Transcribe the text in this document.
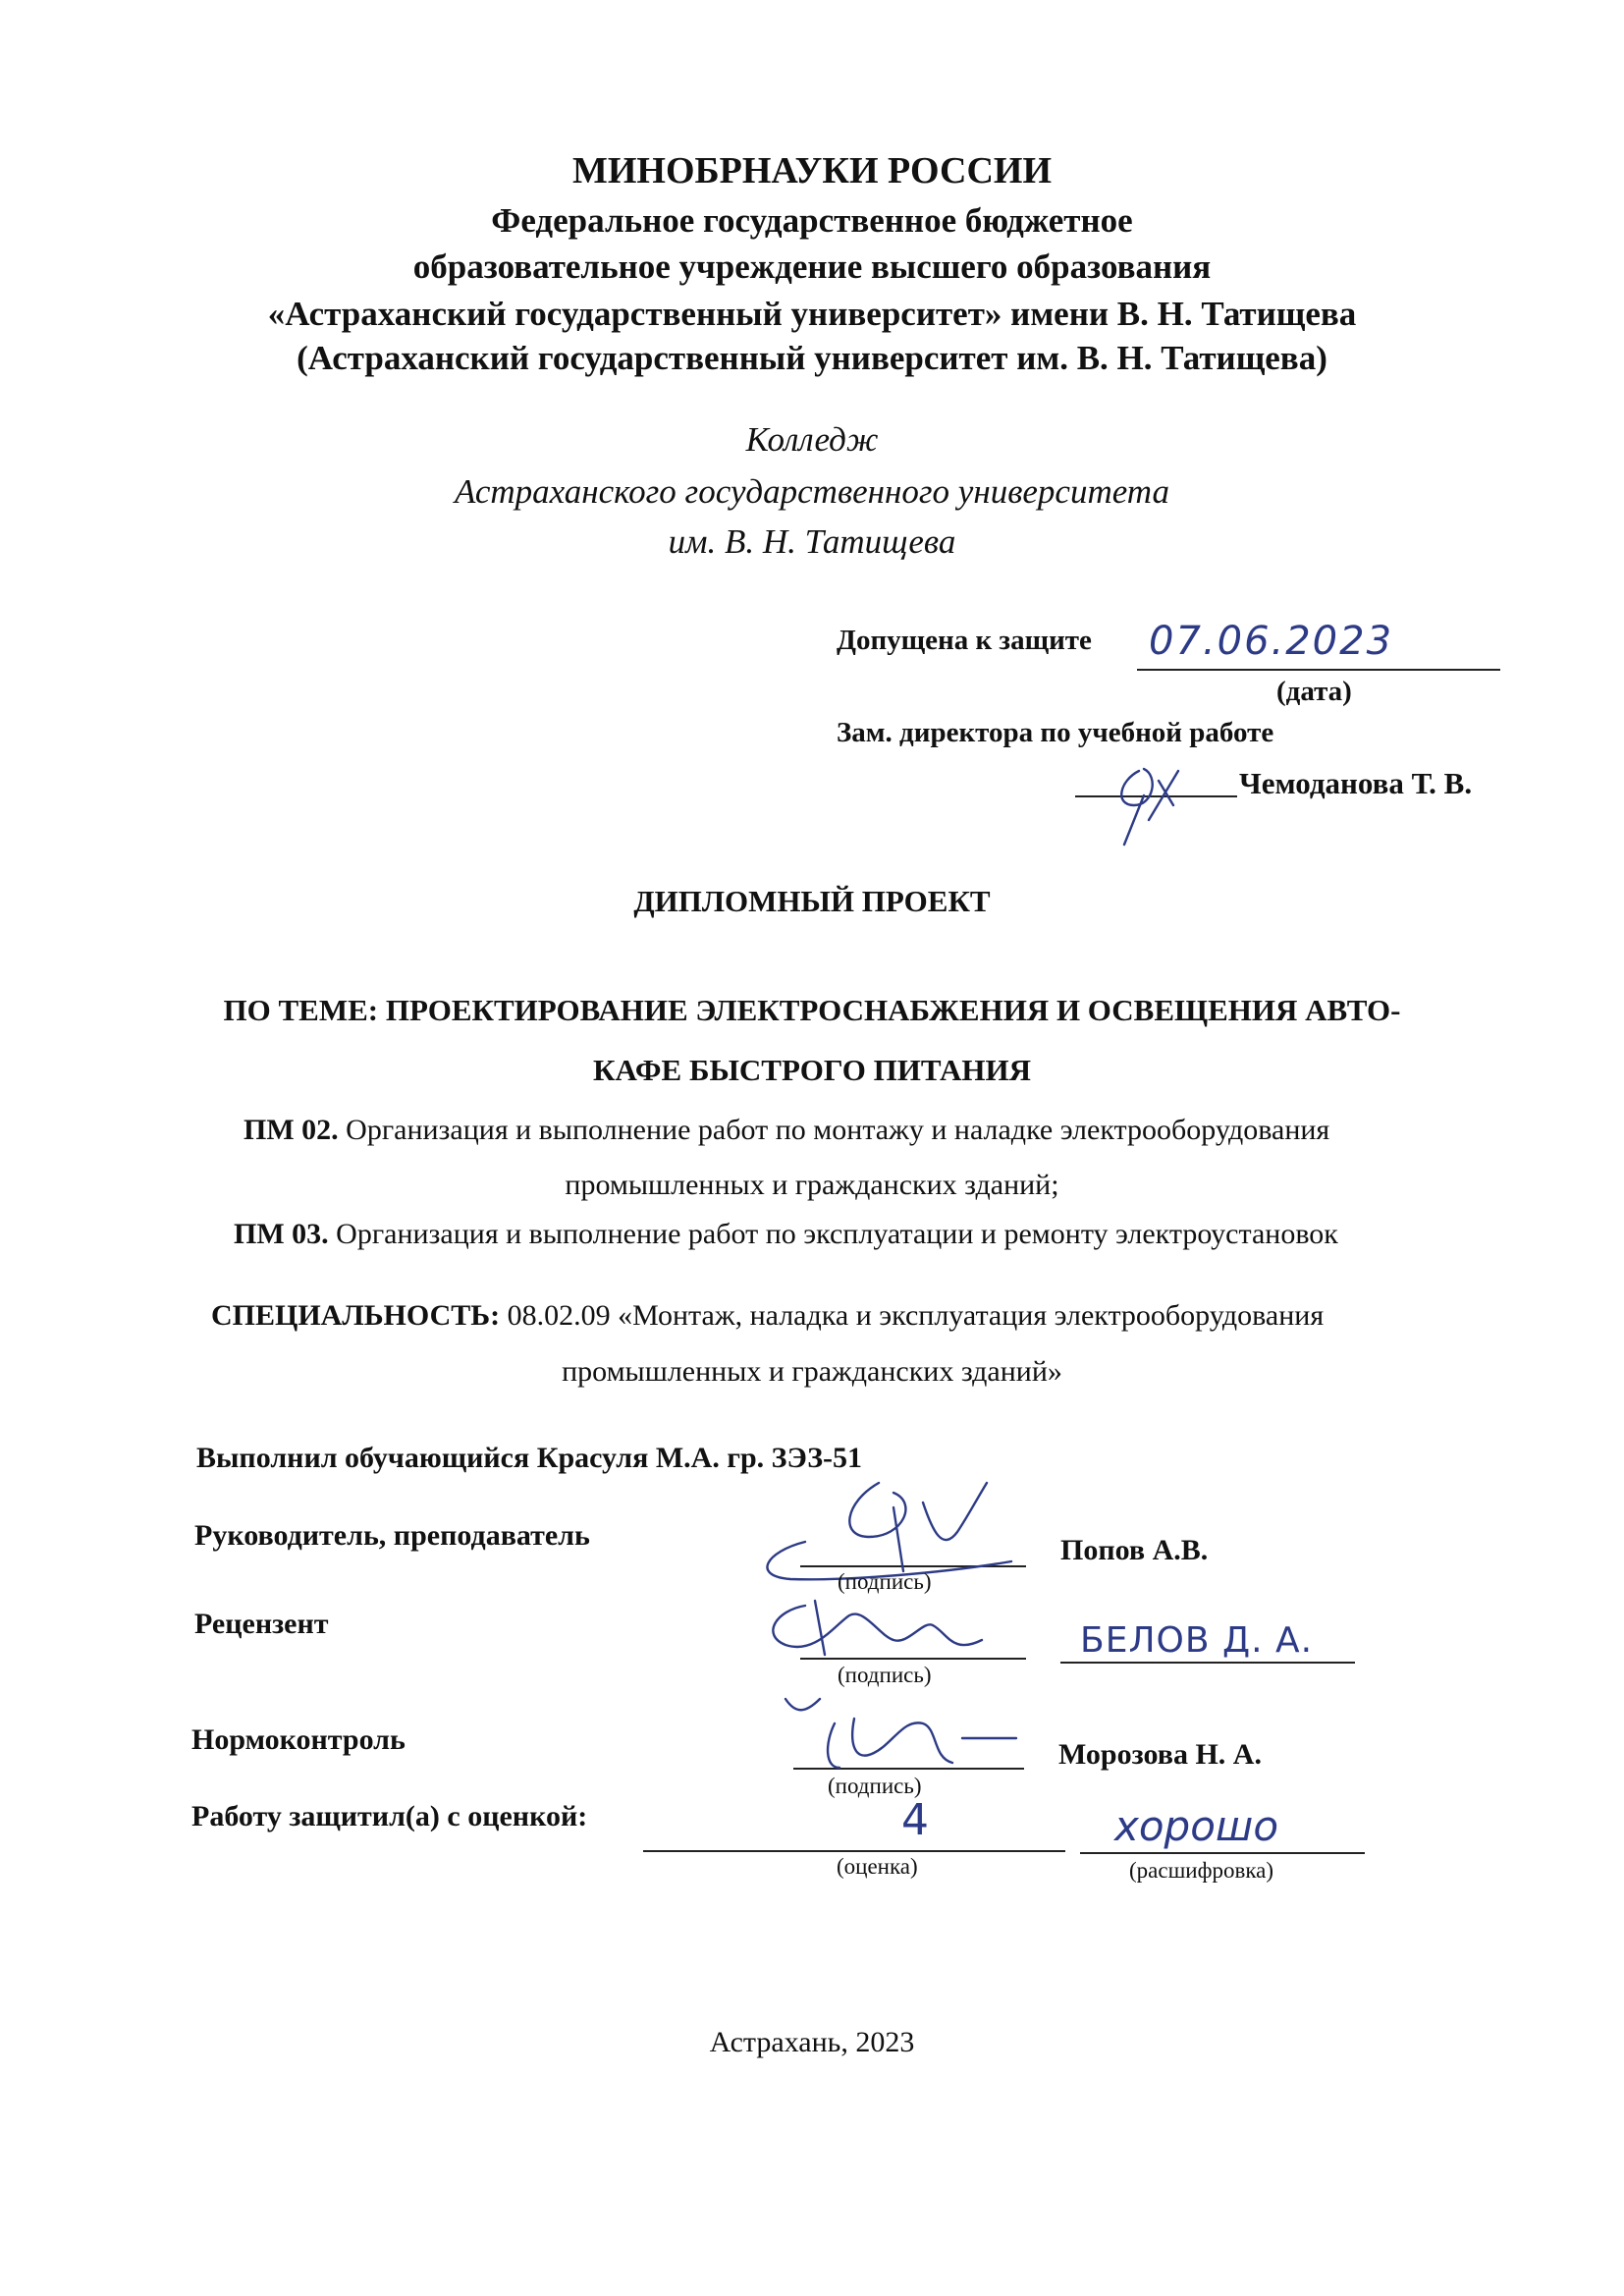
МИНОБРНАУКИ РОССИИ
Федеральное государственное бюджетное
образовательное учреждение высшего образования
«Астраханский государственный университет» имени В. Н. Татищева
(Астраханский государственный университет им. В. Н. Татищева)
Колледж
Астраханского государственного университета
им. В. Н. Татищева
Допущена к защите 07.06.2023
(дата)
Зам. директора по учебной работе
Чемоданова Т. В.
ДИПЛОМНЫЙ ПРОЕКТ
ПО ТЕМЕ: ПРОЕКТИРОВАНИЕ ЭЛЕКТРОСНАБЖЕНИЯ И ОСВЕЩЕНИЯ АВТО-
КАФЕ БЫСТРОГО ПИТАНИЯ
ПМ 02. Организация и выполнение работ по монтажу и наладке электрооборудования
промышленных и гражданских зданий;
ПМ 03. Организация и выполнение работ по эксплуатации и ремонту электроустановок
СПЕЦИАЛЬНОСТЬ: 08.02.09 «Монтаж, наладка и эксплуатация электрооборудования
промышленных и гражданских зданий»
Выполнил обучающийся Красуля М.А. гр. ЗЭЗ-51
Руководитель, преподаватель
(подпись)
Попов А.В.
Рецензент
(подпись)
БЕЛОВ Д. А.
Нормоконтроль
(подпись)
Морозова Н. А.
Работу защитил(а) с оценкой:	4
(оценка)
хорошо
(расшифровка)
Астрахань, 2023
